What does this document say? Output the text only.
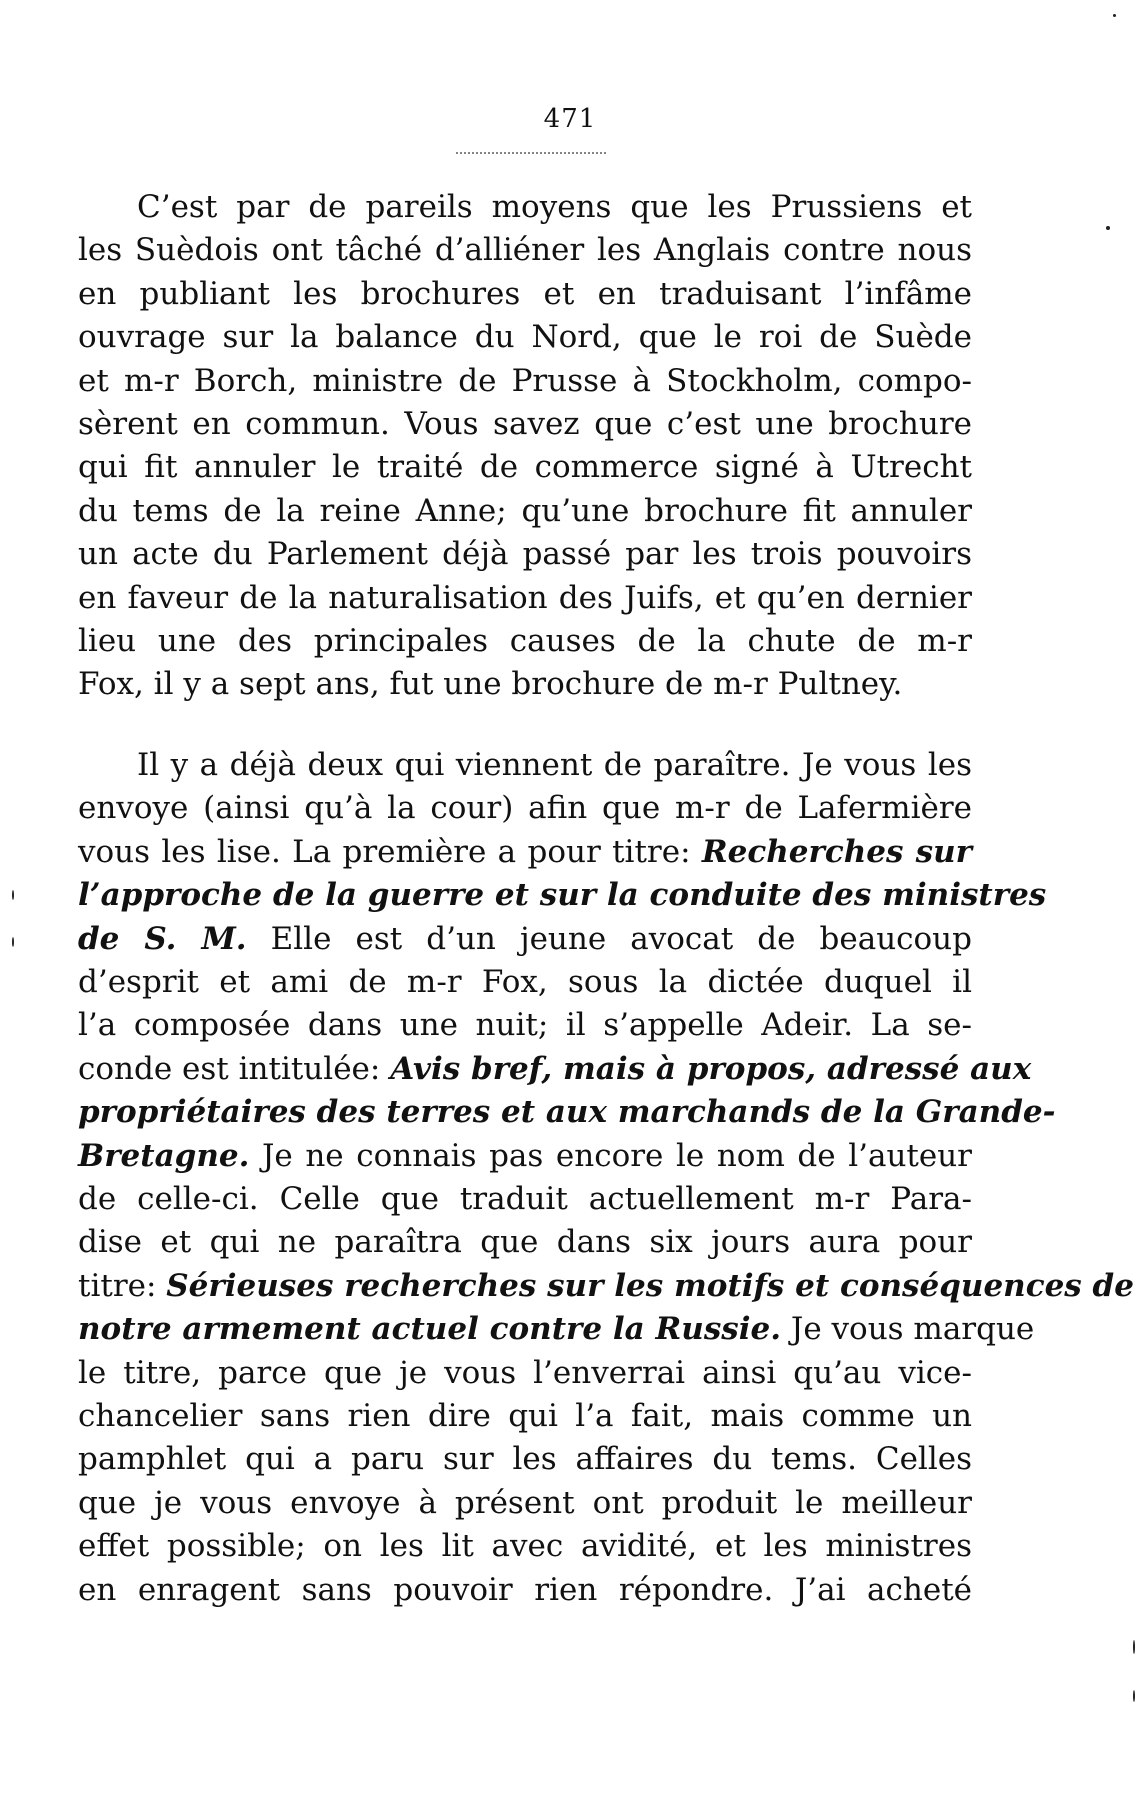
471
C’est par de pareils moyens que les Prussiens et
les Suèdois ont tâché d’alliéner les Anglais contre nous
en publiant les brochures et en traduisant l’infâme
ouvrage sur la balance du Nord, que le roi de Suède
et m-r Borch, ministre de Prusse à Stockholm, compo-
sèrent en commun. Vous savez que c’est une brochure
qui fit annuler le traité de commerce signé à Utrecht
du tems de la reine Anne; qu’une brochure fit annuler
un acte du Parlement déjà passé par les trois pouvoirs
en faveur de la naturalisation des Juifs, et qu’en dernier
lieu une des principales causes de la chute de m-r
Fox, il y a sept ans, fut une brochure de m-r Pultney.
Il y a déjà deux qui viennent de paraître. Je vous les
envoye (ainsi qu’à la cour) afin que m-r de Lafermière
vous les lise. La première a pour titre: Recherches sur
l’approche de la guerre et sur la conduite des ministres
de S. M. Elle est d’un jeune avocat de beaucoup
d’esprit et ami de m-r Fox, sous la dictée duquel il
l’a composée dans une nuit; il s’appelle Adeir. La se-
conde est intitulée: Avis bref, mais à propos, adressé aux
propriétaires des terres et aux marchands de la Grande-
Bretagne. Je ne connais pas encore le nom de l’auteur
de celle-ci. Celle que traduit actuellement m-r Para-
dise et qui ne paraîtra que dans six jours aura pour
titre: Sérieuses recherches sur les motifs et conséquences de
notre armement actuel contre la Russie. Je vous marque
le titre, parce que je vous l’enverrai ainsi qu’au vice-
chancelier sans rien dire qui l’a fait, mais comme un
pamphlet qui a paru sur les affaires du tems. Celles
que je vous envoye à présent ont produit le meilleur
effet possible; on les lit avec avidité, et les ministres
en enragent sans pouvoir rien répondre. J’ai acheté
